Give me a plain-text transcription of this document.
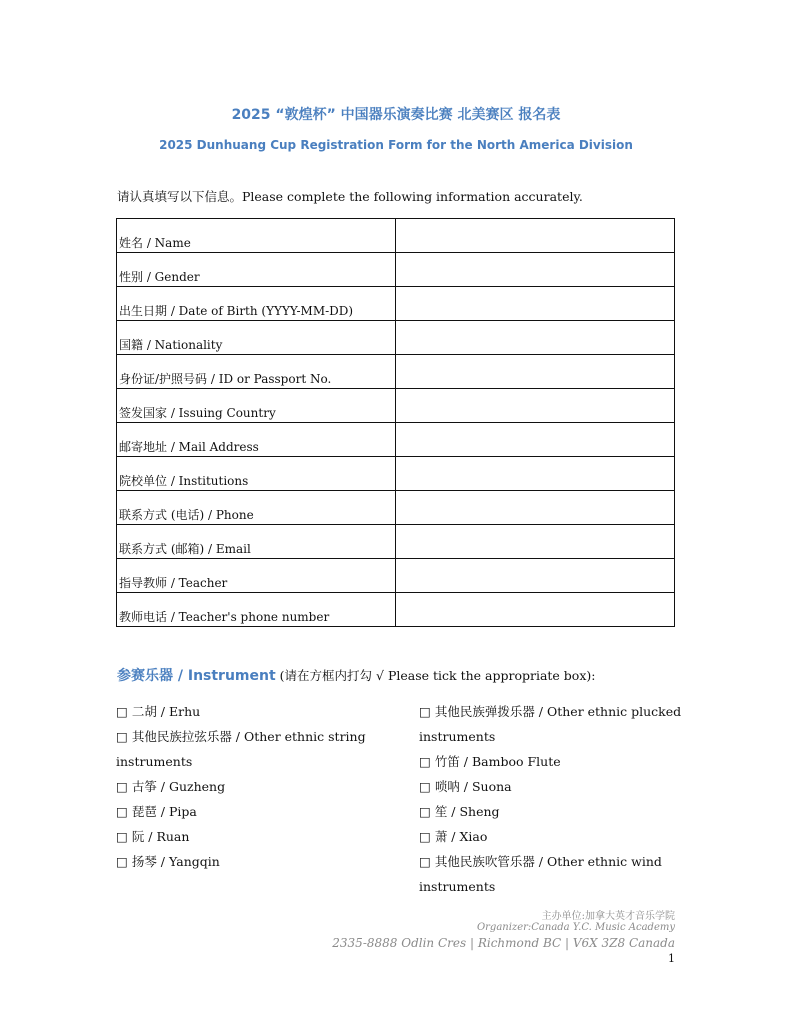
2025 “敦煌杯” 中国器乐演奏比赛 北美赛区 报名表
2025 Dunhuang Cup Registration Form for the North America Division
请认真填写以下信息。Please complete the following information accurately.
姓名 / Name	
性别 / Gender	
出生日期 / Date of Birth (YYYY-MM-DD)	
国籍 / Nationality	
身份证/护照号码 / ID or Passport No.	
签发国家 / Issuing Country	
邮寄地址 / Mail Address	
院校单位 / Institutions	
联系方式 (电话) / Phone	
联系方式 (邮箱) / Email	
指导教师 / Teacher	
教师电话 / Teacher's phone number	
参赛乐器 / Instrument (请在方框内打勾 √ Please tick the appropriate box):
□ 二胡 / Erhu
□ 其他民族拉弦乐器 / Other ethnic string instruments
□ 古筝 / Guzheng
□ 琵琶 / Pipa
□ 阮 / Ruan
□ 扬琴 / Yangqin
□ 其他民族弹拨乐器 / Other ethnic plucked instruments
□ 竹笛 / Bamboo Flute
□ 唢呐 / Suona
□ 笙 / Sheng
□ 萧 / Xiao
□ 其他民族吹管乐器 / Other ethnic wind instruments
主办单位:加拿大英才音乐学院
Organizer:Canada Y.C. Music Academy
2335-8888 Odlin Cres | Richmond BC | V6X 3Z8 Canada
1
